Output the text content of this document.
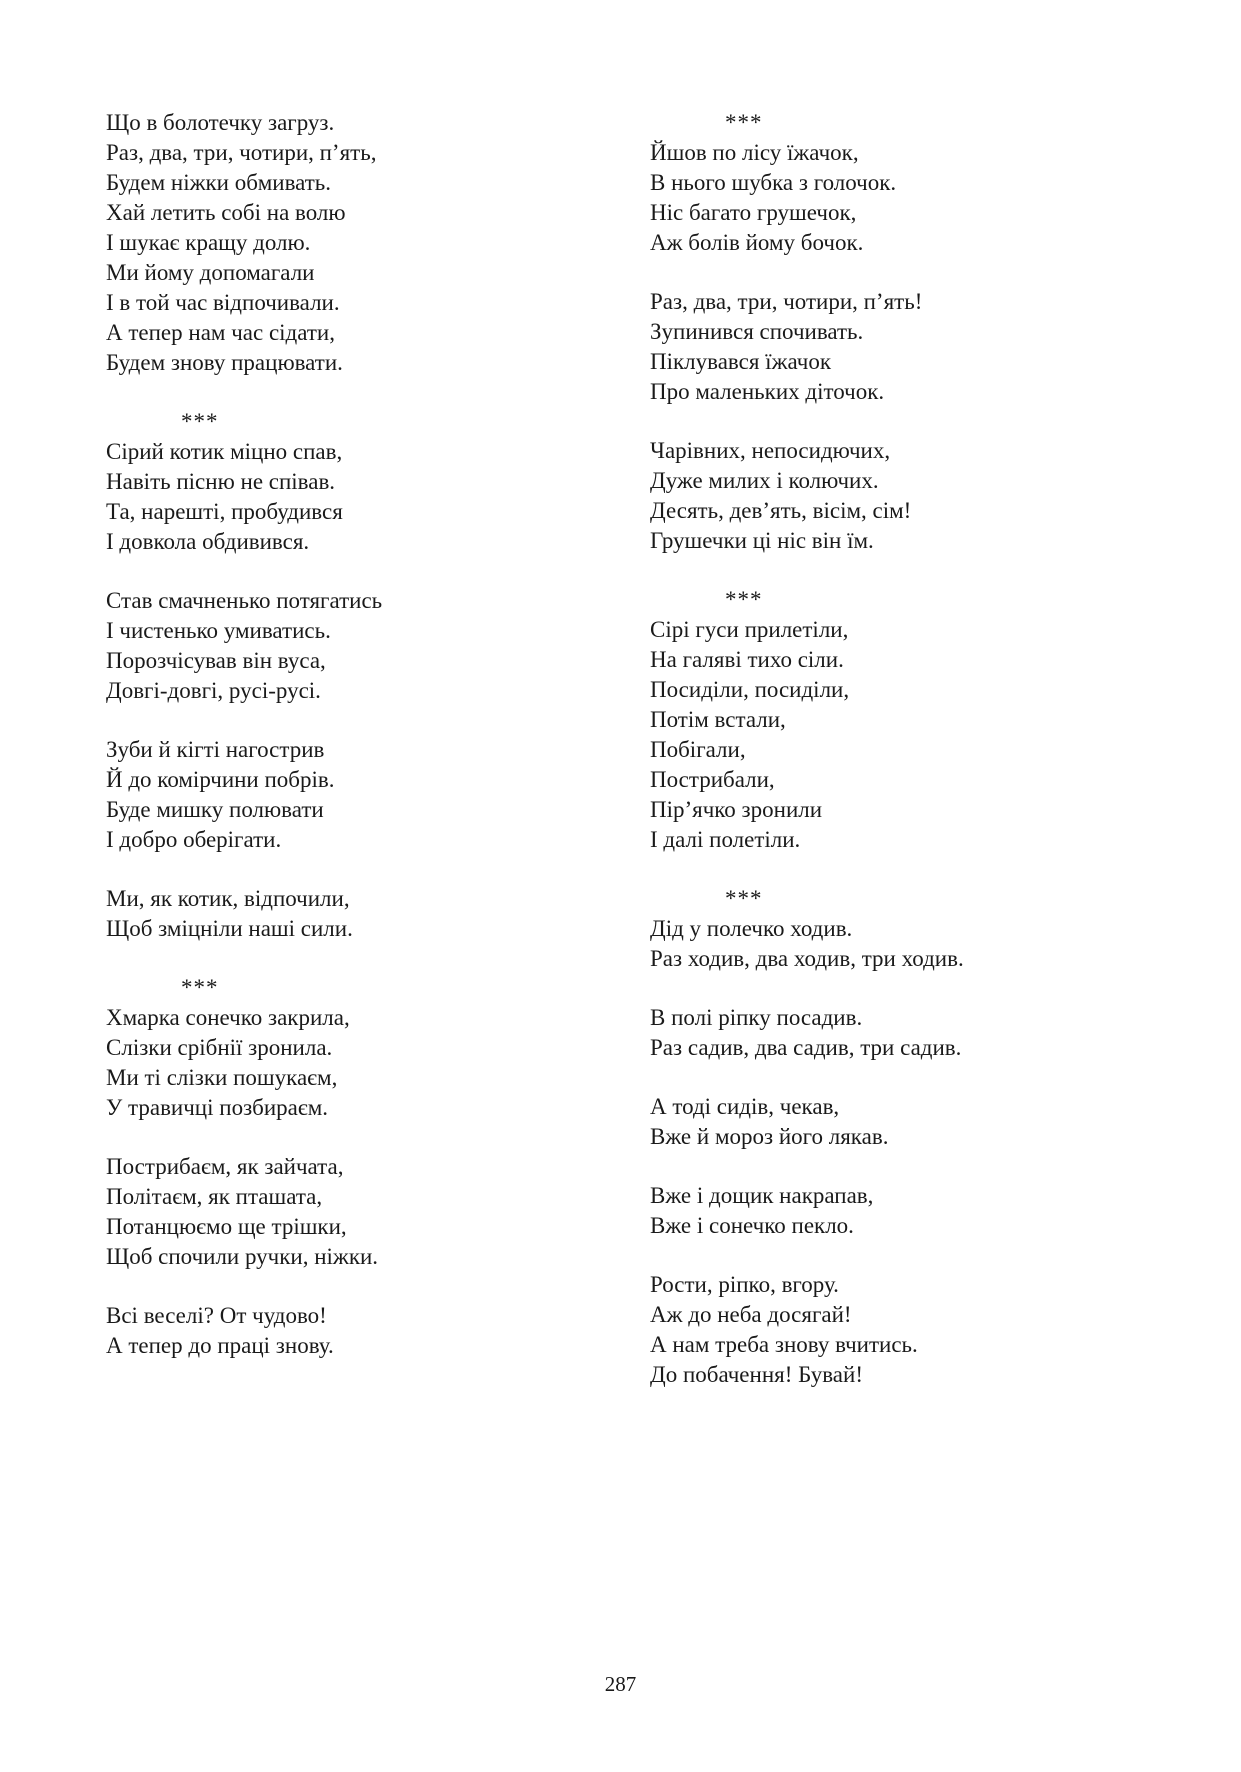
Що в болотечку загруз.
Раз, два, три, чотири, п’ять,
Будем ніжки обмивать.
Хай летить собі на волю
І шукає кращу долю.
Ми йому допомагали
І в той час відпочивали.
А тепер нам час сідати,
Будем знову працювати.
***
Сірий котик міцно спав,
Навіть пісню не співав.
Та, нарешті, пробудився
І довкола обдивився.
Став смачненько потягатись
І чистенько умиватись.
Порозчісував він вуса,
Довгі-довгі, русі-русі.
Зуби й кігті нагострив
Й до комірчини побрів.
Буде мишку полювати
І добро оберігати.
Ми, як котик, відпочили,
Щоб зміцніли наші сили.
***
Хмарка сонечко закрила,
Слізки срібнії зронила.
Ми ті слізки пошукаєм,
У травичці позбираєм.
Пострибаєм, як зайчата,
Політаєм, як пташата,
Потанцюємо ще трішки,
Щоб спочили ручки, ніжки.
Всі веселі? От чудово!
А тепер до праці знову.
***
Йшов по лісу їжачок,
В нього шубка з голочок.
Ніс багато грушечок,
Аж болів йому бочок.
Раз, два, три, чотири, п’ять!
Зупинився спочивать.
Піклувався їжачок
Про маленьких діточок.
Чарівних, непосидючих,
Дуже милих і колючих.
Десять, дев’ять, вісім, сім!
Грушечки ці ніс він їм.
***
Сірі гуси прилетіли,
На галяві тихо сіли.
Посиділи, посиділи,
Потім встали,
Побігали,
Пострибали,
Пір’ячко зронили
І далі полетіли.
***
Дід у полечко ходив.
Раз ходив, два ходив, три ходив.
В полі ріпку посадив.
Раз садив, два садив, три садив.
А тоді сидів, чекав,
Вже й мороз його лякав.
Вже і дощик накрапав,
Вже і сонечко пекло.
Рости, ріпко, вгору.
Аж до неба досягай!
А нам треба знову вчитись.
До побачення! Бувай!
287
